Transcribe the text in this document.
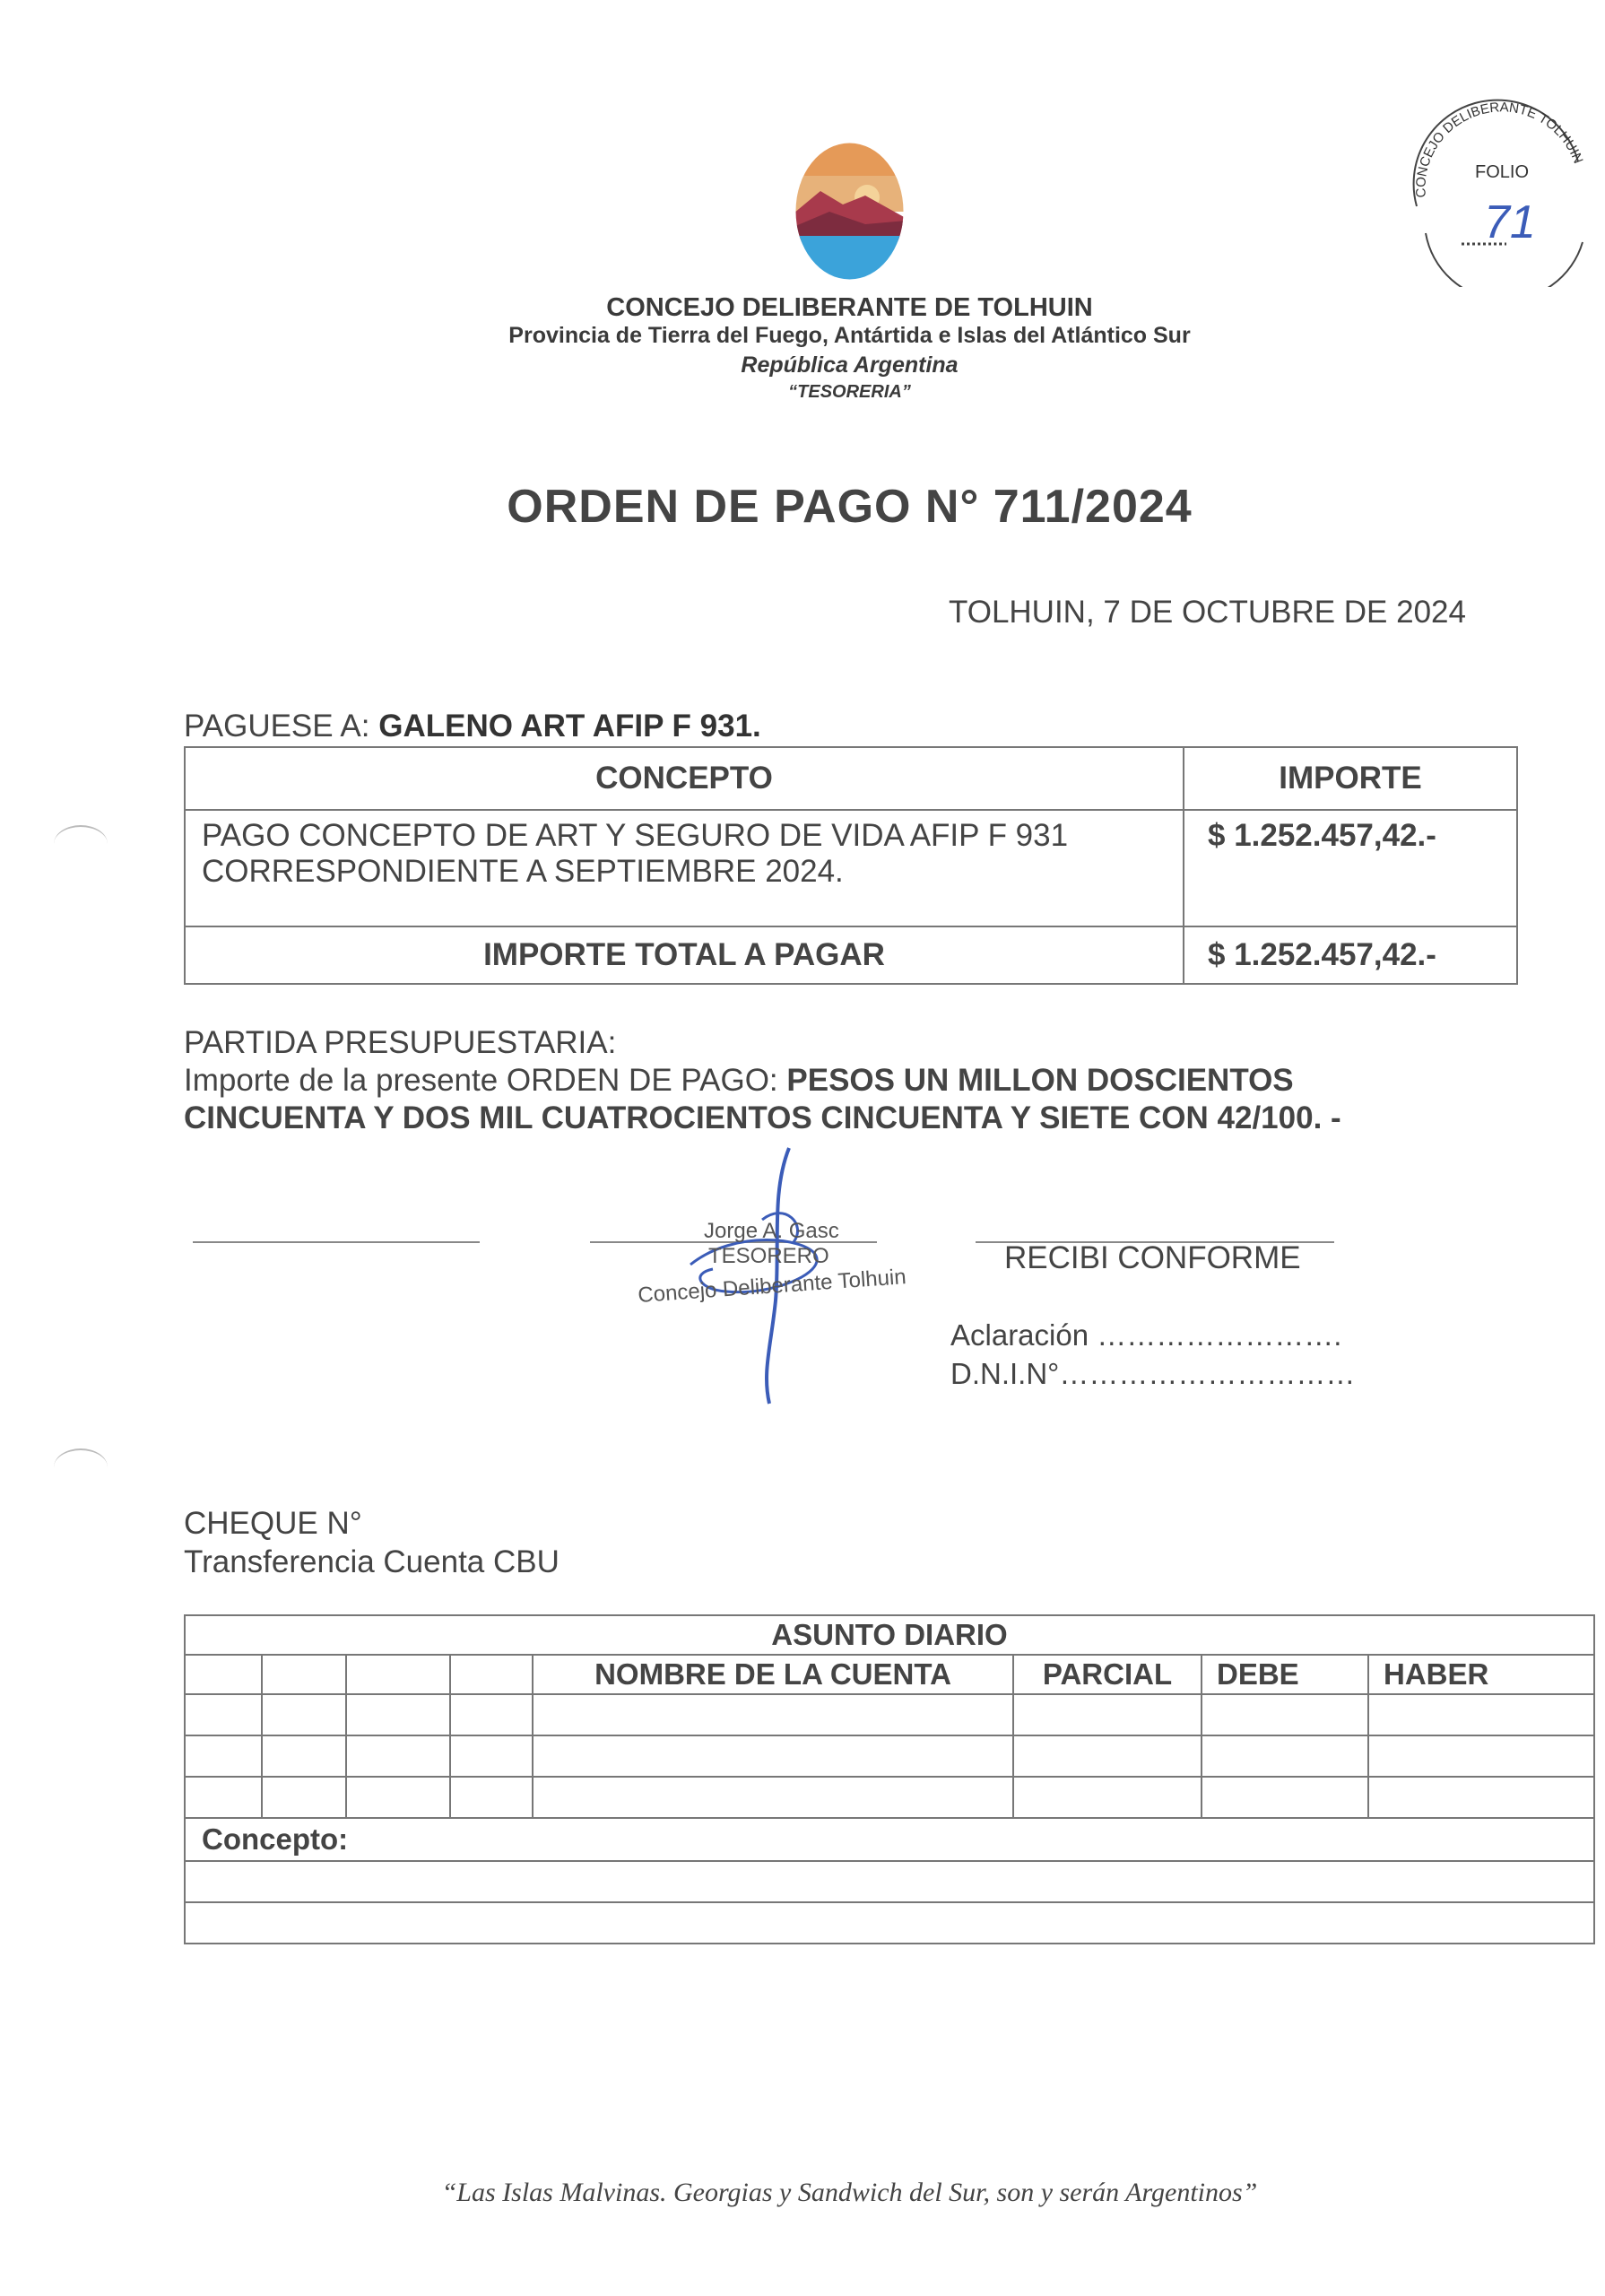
CONCEJO DELIBERANTE DE TOLHUIN
Provincia de Tierra del Fuego, Antártida e Islas del Atlántico Sur
República Argentina
“TESORERIA”
CONCEJO DELIBERANTE TOLHUIN
FOLIO
71
ORDEN DE PAGO N° 711/2024
TOLHUIN, 7 DE OCTUBRE DE 2024
PAGUESE A: GALENO ART AFIP F 931.
CONCEPTO	IMPORTE

PAGO CONCEPTO DE ART Y SEGURO DE VIDA AFIP F 931
CORRESPONDIENTE A SEPTIEMBRE 2024.	$ 1.252.457,42.-
IMPORTE TOTAL A PAGAR	$ 1.252.457,42.-
PARTIDA PRESUPUESTARIA:
Importe de la presente ORDEN DE PAGO: PESOS UN MILLON DOSCIENTOS
CINCUENTA Y DOS MIL CUATROCIENTOS CINCUENTA Y SIETE CON 42/100. -
Jorge A. Gasc
TESORERO
Concejo Deliberante Tolhuin
RECIBI CONFORME
Aclaración …………………….
D.N.I.N°…………………………
CHEQUE N°
Transferencia Cuenta CBU
ASUNTO DIARIO							
				NOMBRE DE LA CUENTA	PARCIAL	DEBE	HABER

Concepto:							

“Las Islas Malvinas. Georgias y Sandwich del Sur, son y serán Argentinos”
